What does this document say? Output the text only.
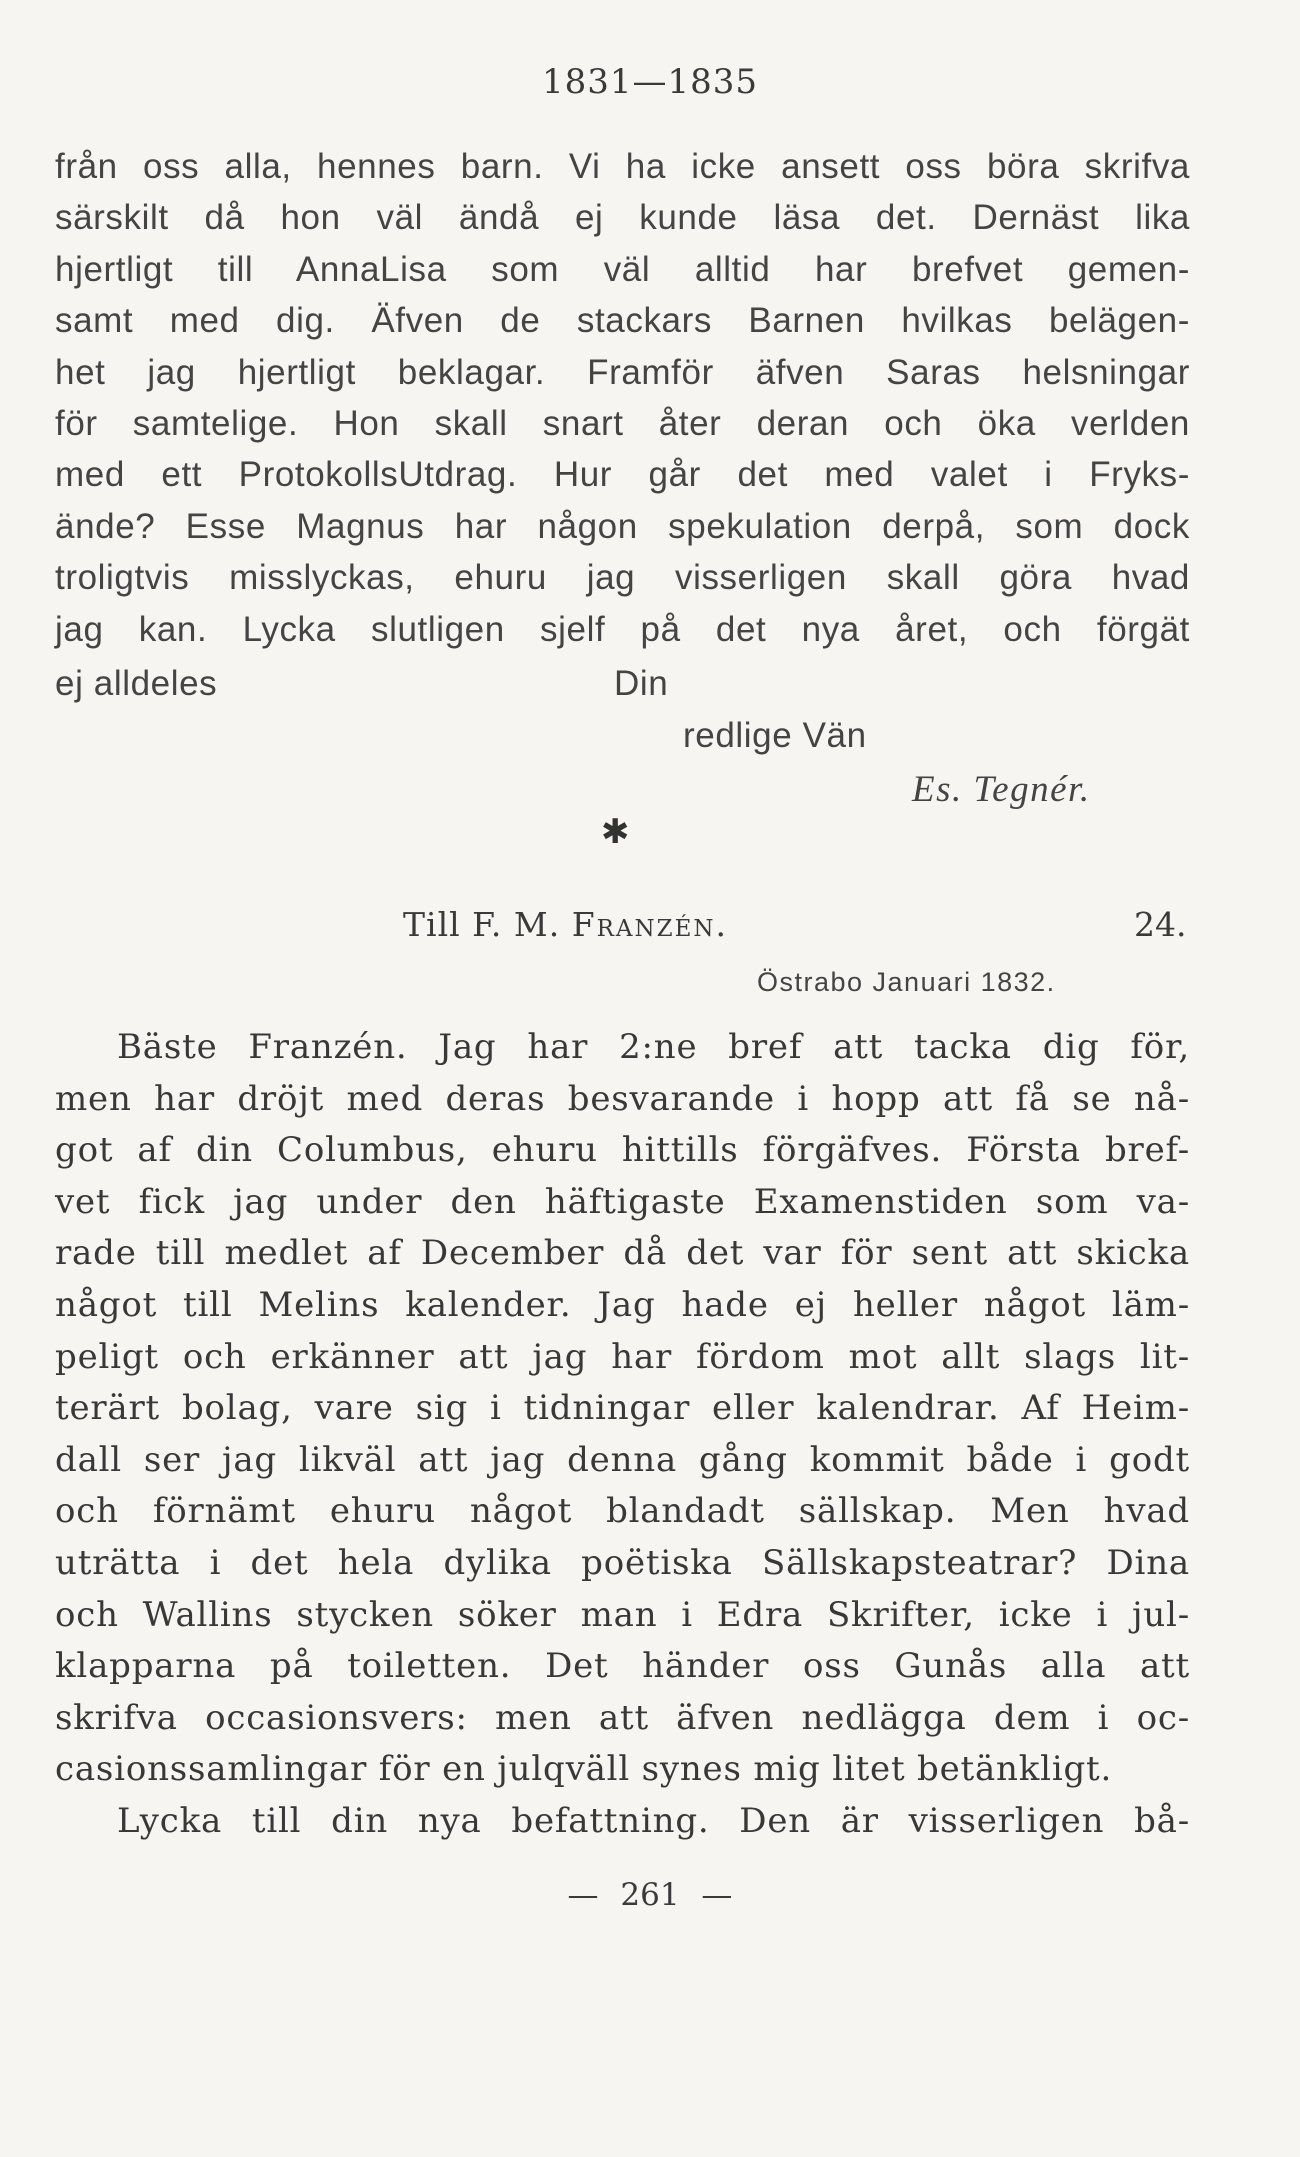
1831—1835
från oss alla, hennes barn. Vi ha icke ansett oss böra skrifva
särskilt då hon väl ändå ej kunde läsa det. Dernäst lika
hjertligt till AnnaLisa som väl alltid har brefvet gemen-
samt med dig. Äfven de stackars Barnen hvilkas belägen-
het jag hjertligt beklagar. Framför äfven Saras helsningar
för samtelige. Hon skall snart åter deran och öka verlden
med ett ProtokollsUtdrag. Hur går det med valet i Fryks-
ände? Esse Magnus har någon spekulation derpå, som dock
troligtvis misslyckas, ehuru jag visserligen skall göra hvad
jag kan. Lycka slutligen sjelf på det nya året, och förgät
ej alldeles	Din
redlige Vän
Es. Tegnér.
✱
Till F. M. Franzén.	24.
Östrabo Januari 1832.
Bäste Franzén. Jag har 2:ne bref att tacka dig för,
men har dröjt med deras besvarande i hopp att få se nå-
got af din Columbus, ehuru hittills förgäfves. Första bref-
vet fick jag under den häftigaste Examenstiden som va-
rade till medlet af December då det var för sent att skicka
något till Melins kalender. Jag hade ej heller något läm-
peligt och erkänner att jag har fördom mot allt slags lit-
terärt bolag, vare sig i tidningar eller kalendrar. Af Heim-
dall ser jag likväl att jag denna gång kommit både i godt
och förnämt ehuru något blandadt sällskap. Men hvad
uträtta i det hela dylika poëtiska Sällskapsteatrar? Dina
och Wallins stycken söker man i Edra Skrifter, icke i jul-
klapparna på toiletten. Det händer oss Gunås alla att
skrifva occasionsvers: men att äfven nedlägga dem i oc-
casionssamlingar för en julqväll synes mig litet betänkligt.
Lycka till din nya befattning. Den är visserligen bå-
— 261 —
